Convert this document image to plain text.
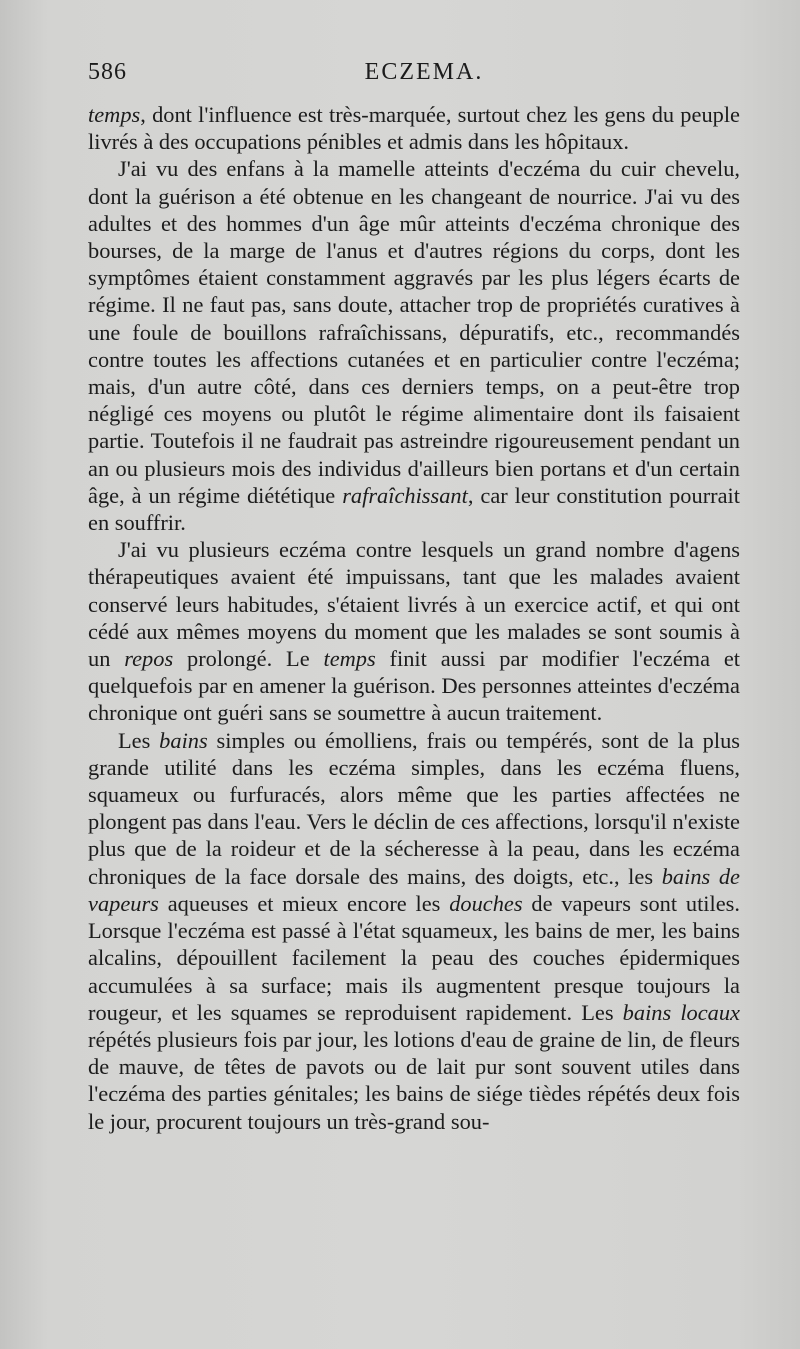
586	ECZEMA.

temps, dont l'influence est très-marquée, surtout chez les gens du peuple livrés à des occupations pénibles et admis dans les hôpitaux.

J'ai vu des enfans à la mamelle atteints d'eczéma du cuir chevelu, dont la guérison a été obtenue en les changeant de nourrice. J'ai vu des adultes et des hommes d'un âge mûr atteints d'eczéma chronique des bourses, de la marge de l'anus et d'autres régions du corps, dont les symptômes étaient constamment aggravés par les plus légers écarts de régime. Il ne faut pas, sans doute, attacher trop de propriétés curatives à une foule de bouillons rafraîchissans, dépuratifs, etc., recommandés contre toutes les affections cutanées et en particulier contre l'eczéma; mais, d'un autre côté, dans ces derniers temps, on a peut-être trop négligé ces moyens ou plutôt le régime alimentaire dont ils faisaient partie. Toutefois il ne faudrait pas astreindre rigoureusement pendant un an ou plusieurs mois des individus d'ailleurs bien portans et d'un certain âge, à un régime diététique rafraîchissant, car leur constitution pourrait en souffrir.

J'ai vu plusieurs eczéma contre lesquels un grand nombre d'agens thérapeutiques avaient été impuissans, tant que les malades avaient conservé leurs habitudes, s'étaient livrés à un exercice actif, et qui ont cédé aux mêmes moyens du moment que les malades se sont soumis à un repos prolongé. Le temps finit aussi par modifier l'eczéma et quelquefois par en amener la guérison. Des personnes atteintes d'eczéma chronique ont guéri sans se soumettre à aucun traitement.

Les bains simples ou émolliens, frais ou tempérés, sont de la plus grande utilité dans les eczéma simples, dans les eczéma fluens, squameux ou furfuracés, alors même que les parties affectées ne plongent pas dans l'eau. Vers le déclin de ces affections, lorsqu'il n'existe plus que de la roideur et de la sécheresse à la peau, dans les eczéma chroniques de la face dorsale des mains, des doigts, etc., les bains de vapeurs aqueuses et mieux encore les douches de vapeurs sont utiles. Lorsque l'eczéma est passé à l'état squameux, les bains de mer, les bains alcalins, dépouillent facilement la peau des couches épidermiques accumulées à sa surface; mais ils augmentent presque toujours la rougeur, et les squames se reproduisent rapidement. Les bains locaux répétés plusieurs fois par jour, les lotions d'eau de graine de lin, de fleurs de mauve, de têtes de pavots ou de lait pur sont souvent utiles dans l'eczéma des parties génitales; les bains de siége tièdes répétés deux fois le jour, procurent toujours un très-grand sou-
